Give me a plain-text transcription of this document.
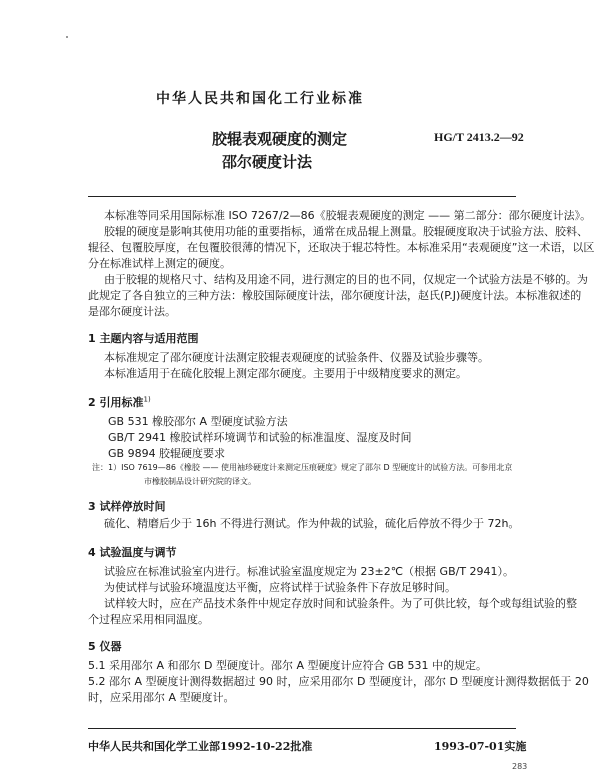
中华人民共和国化工行业标准
胶辊表观硬度的测定
邵尔硬度计法
HG/T 2413.2—92
本标准等同采用国际标准 ISO 7267/2—86《胶辊表观硬度的测定 —— 第二部分：邵尔硬度计法》。
胶辊的硬度是影响其使用功能的重要指标，通常在成品辊上测量。胶辊硬度取决于试验方法、胶料、
辊径、包覆胶厚度，在包覆胶很薄的情况下，还取决于辊芯特性。本标准采用“表观硬度”这一术语，以区
分在标准试样上测定的硬度。
由于胶辊的规格尺寸、结构及用途不同，进行测定的目的也不同，仅规定一个试验方法是不够的。为
此规定了各自独立的三种方法：橡胶国际硬度计法，邵尔硬度计法，赵氏(P.J)硬度计法。本标准叙述的
是邵尔硬度计法。
1 主题内容与适用范围
本标准规定了邵尔硬度计法测定胶辊表观硬度的试验条件、仪器及试验步骤等。
本标准适用于在硫化胶辊上测定邵尔硬度。主要用于中级精度要求的测定。
2 引用标准$^{1)}$
GB 531 橡胶邵尔 A 型硬度试验方法
GB/T 2941 橡胶试样环境调节和试验的标准温度、湿度及时间
GB 9894 胶辊硬度要求
注：1）ISO 7619—86《橡胶 —— 使用袖珍硬度计来测定压痕硬度》规定了邵尔 D 型硬度计的试验方法。可参用北京
市橡胶制品设计研究院的译文。
3 试样停放时间
硫化、精磨后少于 16h 不得进行测试。作为仲裁的试验，硫化后停放不得少于 72h。
4 试验温度与调节
试验应在标准试验室内进行。标准试验室温度规定为 23±2℃（根据 GB/T 2941）。
为使试样与试验环境温度达平衡，应将试样于试验条件下存放足够时间。
试样较大时，应在产品技术条件中规定存放时间和试验条件。为了可供比较，每个或每组试验的整
个过程应采用相同温度。
5 仪器
5.1 采用邵尔 A 和邵尔 D 型硬度计。邵尔 A 型硬度计应符合 GB 531 中的规定。
5.2 邵尔 A 型硬度计测得数据超过 90 时，应采用邵尔 D 型硬度计，邵尔 D 型硬度计测得数据低于 20
时，应采用邵尔 A 型硬度计。
中华人民共和国化学工业部1992-10-22批准	1993-07-01实施
283
